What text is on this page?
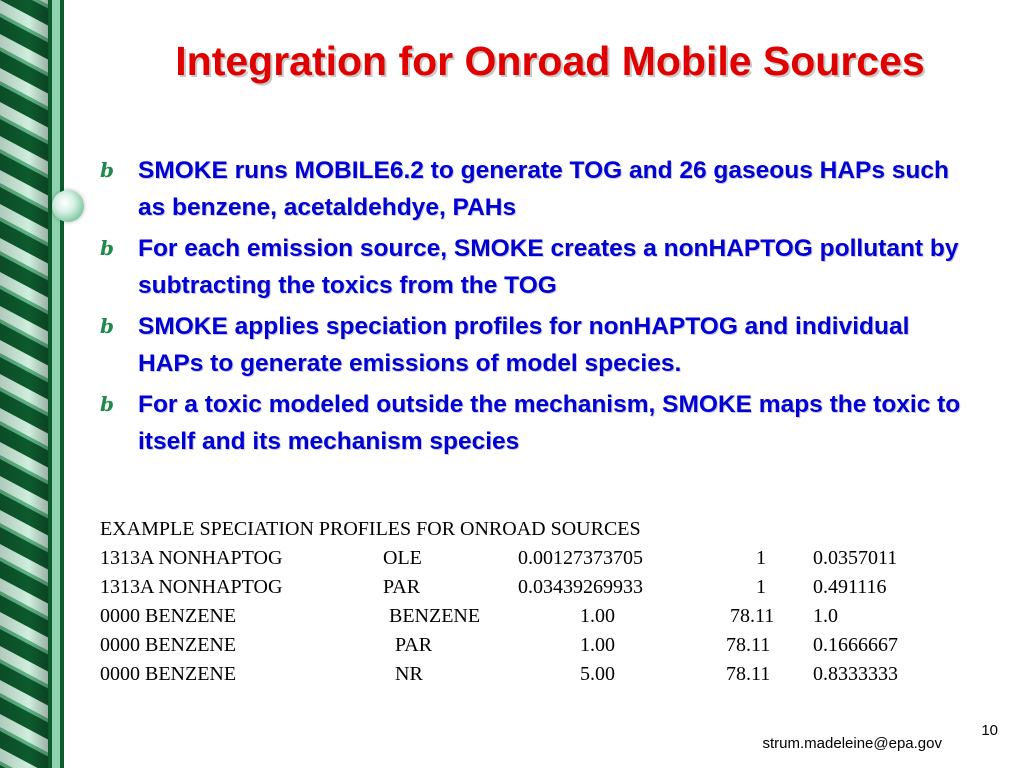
Integration for Onroad Mobile Sources
b SMOKE runs MOBILE6.2 to generate TOG and 26 gaseous HAPs such as benzene, acetaldehdye, PAHs
b For each emission source, SMOKE creates a nonHAPTOG pollutant by subtracting the toxics from the TOG
b SMOKE applies speciation profiles for nonHAPTOG and individual HAPs to generate emissions of model species.
b For a toxic modeled outside the mechanism, SMOKE maps the toxic to itself and its mechanism species

EXAMPLE SPECIATION PROFILES FOR ONROAD SOURCES

1313A NONHAPTOG	OLE	0.00127373705	1	0.0357011
1313A NONHAPTOG	PAR	0.03439269933	1	0.491116
0000 BENZENE	BENZENE	1.00	78.11	1.0
0000 BENZENE	PAR	1.00	78.11	0.1666667
0000 BENZENE	NR	5.00	78.11	0.8333333
strum.madeleine@epa.gov
10
